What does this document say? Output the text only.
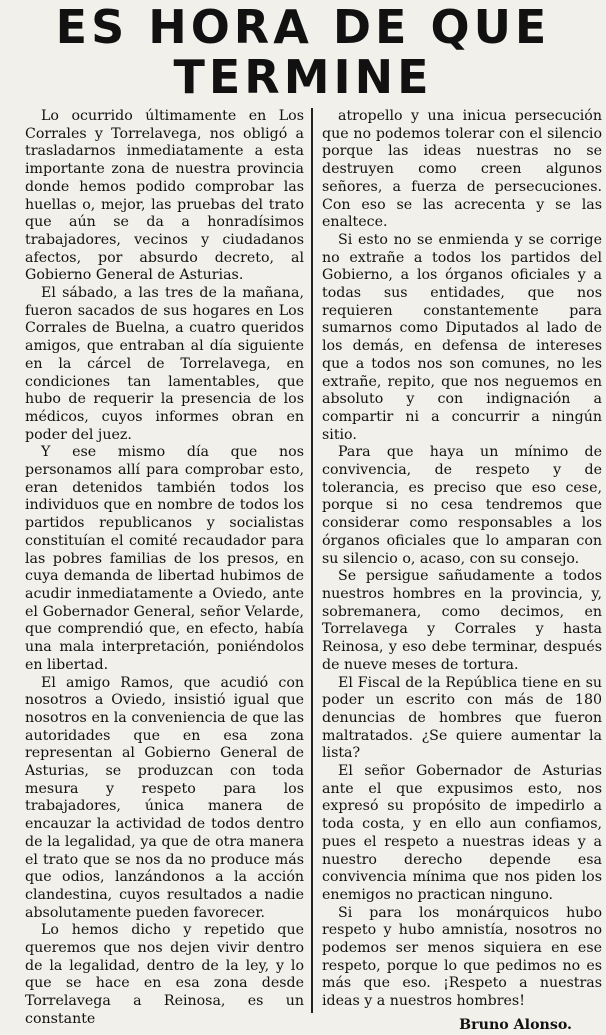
ES HORA DE QUE TERMINE

Lo ocurrido últimamente en Los Corrales y Torrelavega, nos obligó a trasladarnos inmediatamente a esta importante zona de nuestra provincia donde hemos podido comprobar las huellas o, mejor, las pruebas del trato que aún se da a honradísimos trabajadores, vecinos y ciudadanos afectos, por absurdo decreto, al Gobierno General de Asturias.

El sábado, a las tres de la mañana, fueron sacados de sus hogares en Los Corrales de Buelna, a cuatro queridos amigos, que entraban al día siguiente en la cárcel de Torrelavega, en condiciones tan lamentables, que hubo de requerir la presencia de los médicos, cuyos informes obran en poder del juez.

Y ese mismo día que nos personamos allí para comprobar esto, eran detenidos también todos los individuos que en nombre de todos los partidos republicanos y socialistas constituían el comité recaudador para las pobres familias de los presos, en cuya demanda de libertad hubimos de acudir inmediatamente a Oviedo, ante el Gobernador General, señor Velarde, que comprendió que, en efecto, había una mala interpretación, poniéndolos en libertad.

El amigo Ramos, que acudió con nosotros a Oviedo, insistió igual que nosotros en la conveniencia de que las autoridades que en esa zona representan al Gobierno General de Asturias, se produzcan con toda mesura y respeto para los trabajadores, única manera de encauzar la actividad de todos dentro de la legalidad, ya que de otra manera el trato que se nos da no produce más que odios, lanzándonos a la acción clandestina, cuyos resultados a nadie absolutamente pueden favorecer.

Lo hemos dicho y repetido que queremos que nos dejen vivir dentro de la legalidad, dentro de la ley, y lo que se hace en esa zona desde Torrelavega a Reinosa, es un constante

atropello y una inicua persecución que no podemos tolerar con el silencio porque las ideas nuestras no se destruyen como creen algunos señores, a fuerza de persecuciones. Con eso se las acrecenta y se las enaltece.

Si esto no se enmienda y se corrige no extrañe a todos los partidos del Gobierno, a los órganos oficiales y a todas sus entidades, que nos requieren constantemente para sumarnos como Diputados al lado de los demás, en defensa de intereses que a todos nos son comunes, no les extrañe, repito, que nos neguemos en absoluto y con indignación a compartir ni a concurrir a ningún sitio.

Para que haya un mínimo de convivencia, de respeto y de tolerancia, es preciso que eso cese, porque si no cesa tendremos que considerar como responsables a los órganos oficiales que lo amparan con su silencio o, acaso, con su consejo.

Se persigue sañudamente a todos nuestros hombres en la provincia, y, sobremanera, como decimos, en Torrelavega y Corrales y hasta Reinosa, y eso debe terminar, después de nueve meses de tortura.

El Fiscal de la República tiene en su poder un escrito con más de 180 denuncias de hombres que fueron maltratados. ¿Se quiere aumentar la lista?

El señor Gobernador de Asturias ante el que expusimos esto, nos expresó su propósito de impedirlo a toda costa, y en ello aun confiamos, pues el respeto a nuestras ideas y a nuestro derecho depende esa convivencia mínima que nos piden los enemigos no practican ninguno.

Si para los monárquicos hubo respeto y hubo amnistía, nosotros no podemos ser menos siquiera en ese respeto, porque lo que pedimos no es más que eso. ¡Respeto a nuestras ideas y a nuestros hombres!

Bruno Alonso.
